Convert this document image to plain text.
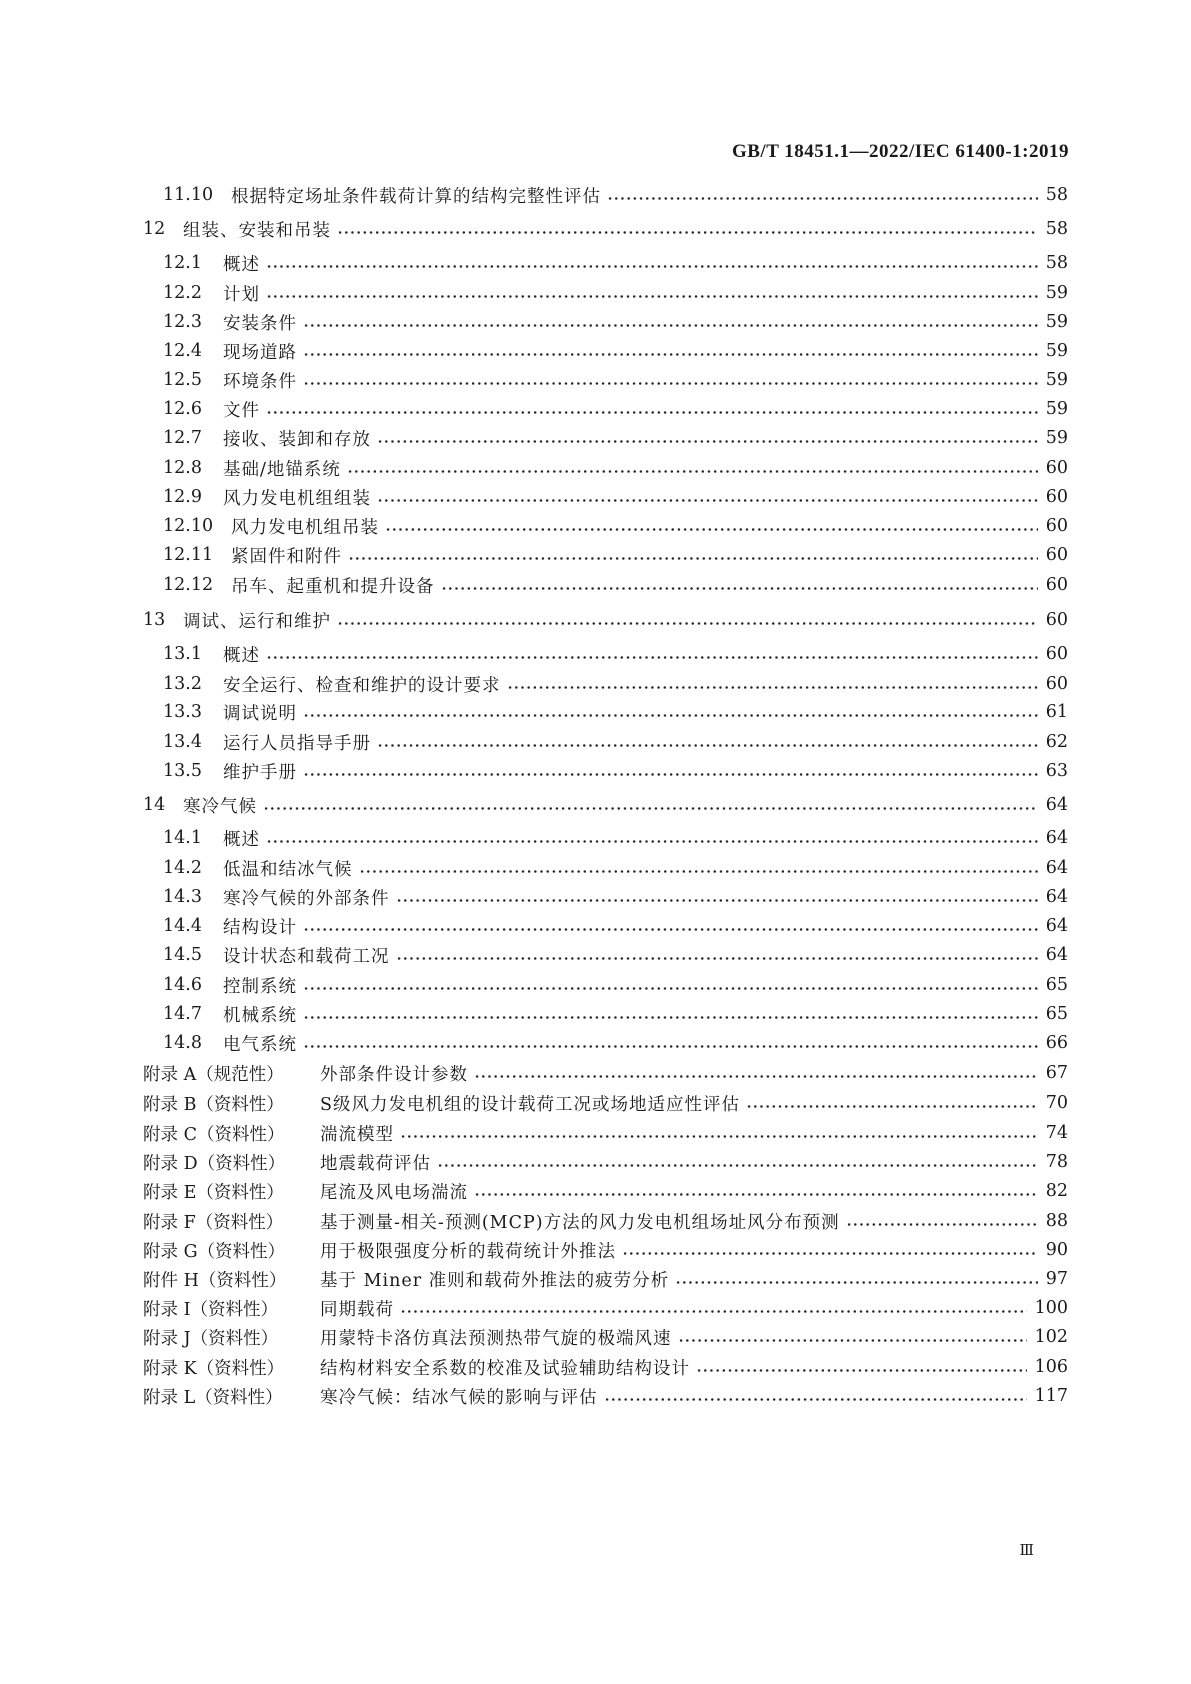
GB/T 18451.1—2022/IEC 61400-1:2019
11.10	根据特定场址条件载荷计算的结构完整性评估	58
12	组装、安装和吊装	58
12.1	概述	58
12.2	计划	59
12.3	安装条件	59
12.4	现场道路	59
12.5	环境条件	59
12.6	文件	59
12.7	接收、装卸和存放	59
12.8	基础/地锚系统	60
12.9	风力发电机组组装	60
12.10	风力发电机组吊装	60
12.11	紧固件和附件	60
12.12	吊车、起重机和提升设备	60
13	调试、运行和维护	60
13.1	概述	60
13.2	安全运行、检查和维护的设计要求	60
13.3	调试说明	61
13.4	运行人员指导手册	62
13.5	维护手册	63
14	寒冷气候	64
14.1	概述	64
14.2	低温和结冰气候	64
14.3	寒冷气候的外部条件	64
14.4	结构设计	64
14.5	设计状态和载荷工况	64
14.6	控制系统	65
14.7	机械系统	65
14.8	电气系统	66
附录 A（规范性）	外部条件设计参数	67
附录 B（资料性）	S级风力发电机组的设计载荷工况或场地适应性评估	70
附录 C（资料性）	湍流模型	74
附录 D（资料性）	地震载荷评估	78
附录 E（资料性）	尾流及风电场湍流	82
附录 F（资料性）	基于测量-相关-预测(MCP)方法的风力发电机组场址风分布预测	88
附录 G（资料性）	用于极限强度分析的载荷统计外推法	90
附件 H（资料性）	基于 Miner 准则和载荷外推法的疲劳分析	97
附录 I（资料性）	同期载荷	100
附录 J（资料性）	用蒙特卡洛仿真法预测热带气旋的极端风速	102
附录 K（资料性）	结构材料安全系数的校准及试验辅助结构设计	106
附录 L（资料性）	寒冷气候：结冰气候的影响与评估	117
Ⅲ
